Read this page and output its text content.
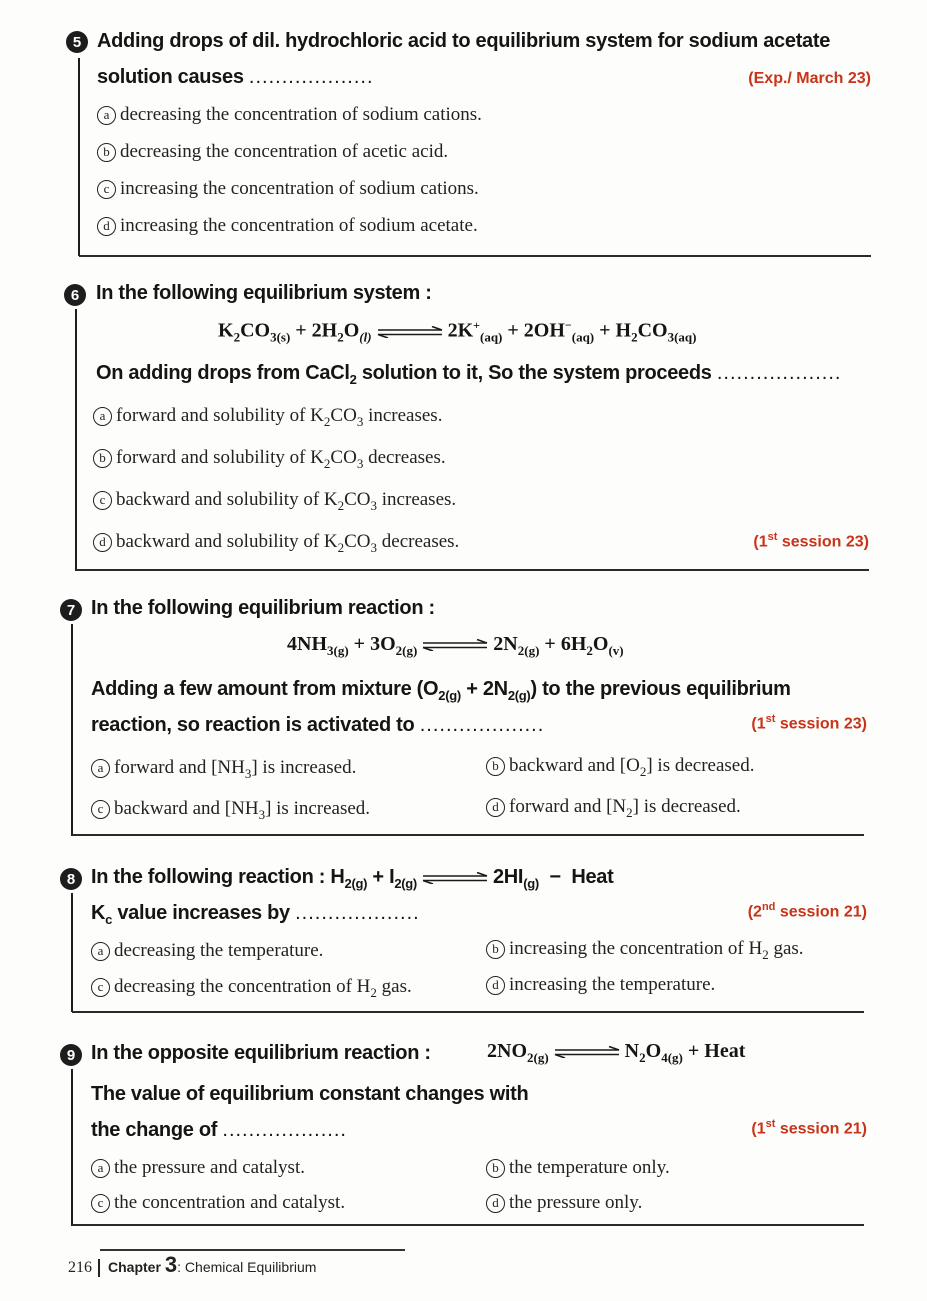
5 Adding drops of dil. hydrochloric acid to equilibrium system for sodium acetate
solution causes ...................	(Exp./ March 23)
a decreasing the concentration of sodium cations.
b decreasing the concentration of acetic acid.
c increasing the concentration of sodium cations.
d increasing the concentration of sodium acetate.
6 In the following equilibrium system :
$K_2CO_{3(s)} + 2H_2O_{(l)}$	$2K^+_{(aq)} + 2OH^-_{(aq)} + H_2CO_{3(aq)}$
On adding drops from CaCl$_2$ solution to it, So the system proceeds ...................
a forward and solubility of $K_2CO_3$ increases.
b forward and solubility of $K_2CO_3$ decreases.
c backward and solubility of $K_2CO_3$ increases.
d backward and solubility of $K_2CO_3$ decreases.	(1st session 23)
7 In the following equilibrium reaction :
$4NH_{3(g)} + 3O_{2(g)}$	$2N_{2(g)} + 6H_2O_{(v)}$
Adding a few amount from mixture $(O_{2(g)} + 2N_{2(g)})$ to the previous equilibrium
reaction, so reaction is activated to ...................	(1st session 23)
a forward and $[NH_3]$ is increased.	b backward and $[O_2]$ is decreased.
c backward and $[NH_3]$ is increased.	d forward and $[N_2]$ is decreased.
8 In the following reaction : $H_{2(g)} + I_{2(g)}$	$2HI_{(g)}$  −  Heat
$K_c$ value increases by ...................	(2nd session 21)
a decreasing the temperature.	b increasing the concentration of $H_2$ gas.
c decreasing the concentration of $H_2$ gas.	d increasing the temperature.
9 In the opposite equilibrium reaction :	$2NO_{2(g)}$	$N_2O_{4(g)}$ + Heat
The value of equilibrium constant changes with
the change of ...................	(1st session 21)
a the pressure and catalyst.	b the temperature only.
c the concentration and catalyst.	d the pressure only.
216	Chapter 3 : Chemical Equilibrium
